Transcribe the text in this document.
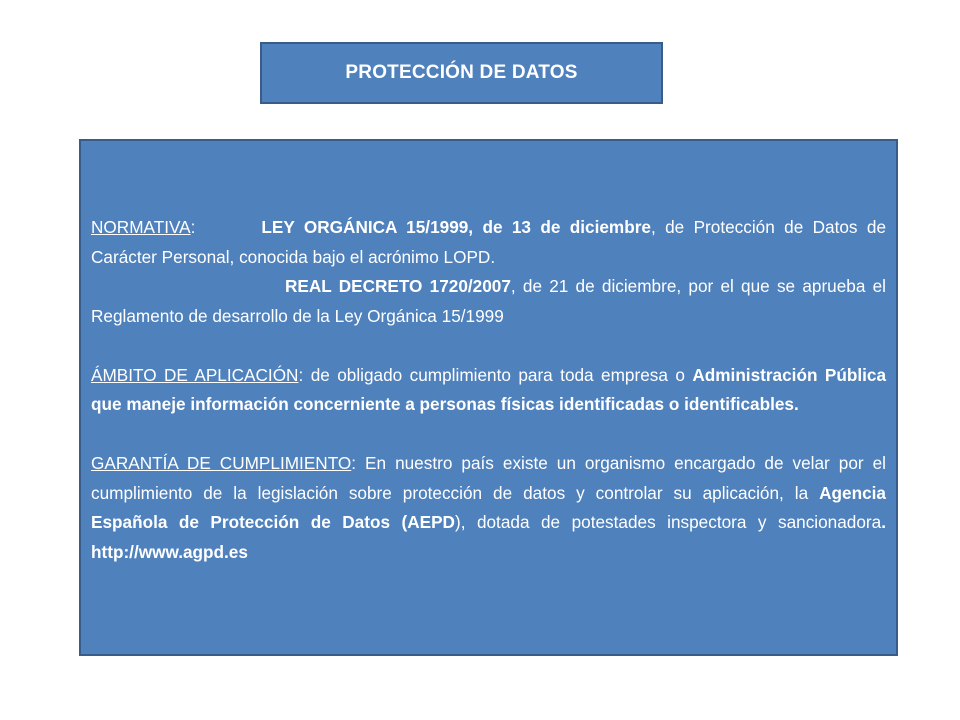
PROTECCIÓN DE DATOS

NORMATIVA:	LEY ORGÁNICA 15/1999, de 13 de diciembre, de Protección de Datos de Carácter Personal, conocida bajo el acrónimo LOPD.

REAL DECRETO 1720/2007, de 21 de diciembre, por el que se aprueba el Reglamento de desarrollo de la Ley Orgánica 15/1999

ÁMBITO DE APLICACIÓN: de obligado cumplimiento para toda empresa o Administración Pública que maneje información concerniente a personas físicas identificadas o identificables.

GARANTÍA DE CUMPLIMIENTO: En nuestro país existe un organismo encargado de velar por el cumplimiento de la legislación sobre protección de datos y controlar su aplicación, la Agencia Española de Protección de Datos (AEPD), dotada de potestades inspectora y sancionadora. http://www.agpd.es
